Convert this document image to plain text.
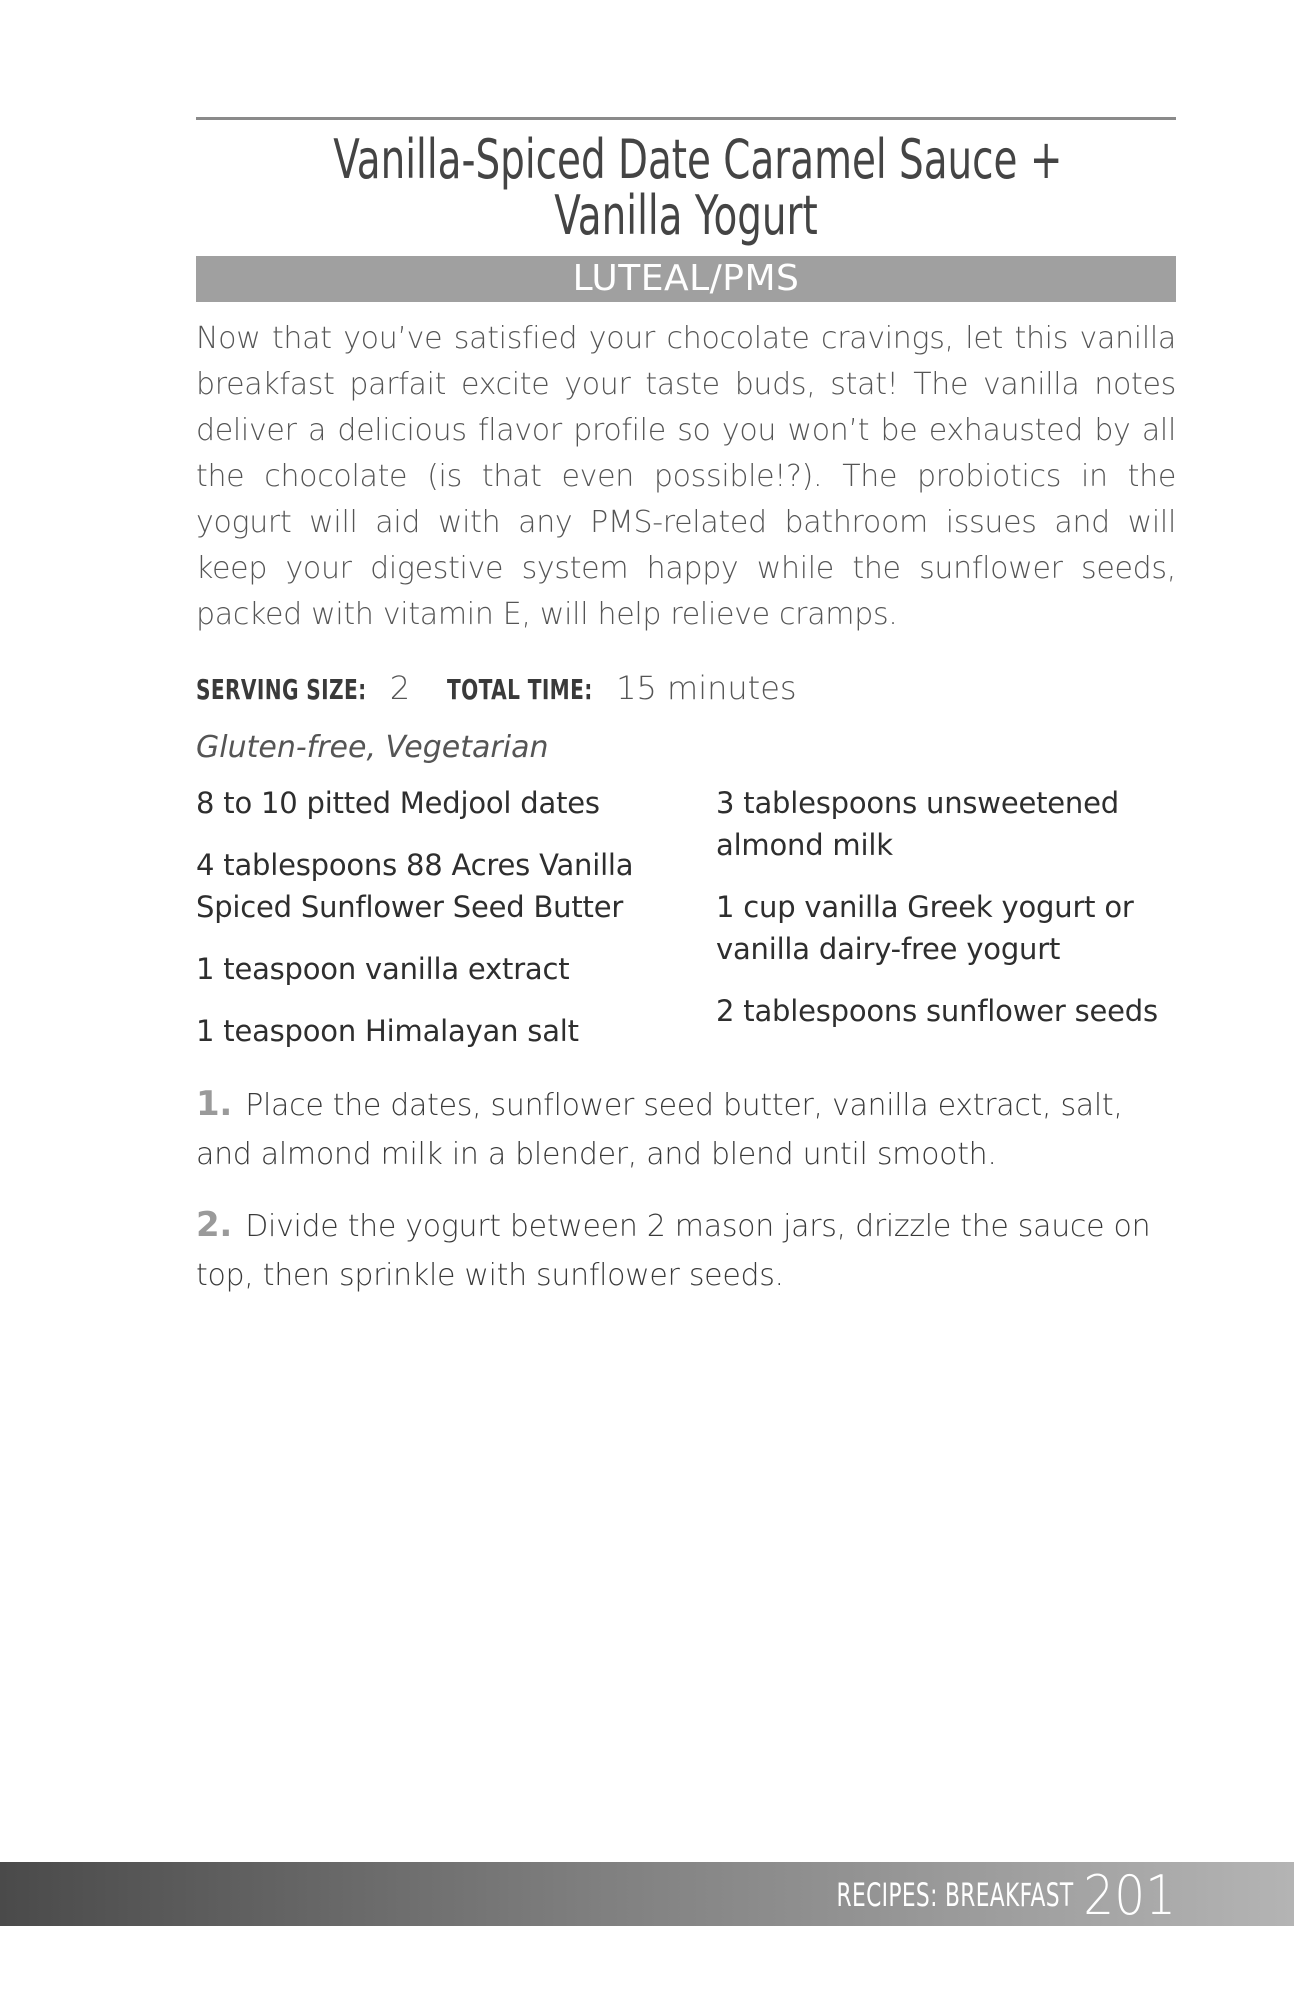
Vanilla-Spiced Date Caramel Sauce +
Vanilla Yogurt
LUTEAL/PMS

Now that you’ve satisfied your chocolate cravings, let this vanilla breakfast parfait excite your taste buds, stat! The vanilla notes deliver a delicious flavor profile so you won’t be exhausted by all the chocolate (is that even possible!?). The probiotics in the yogurt will aid with any PMS-related bathroom issues and will keep your digestive system happy while the sunflower seeds, packed with vitamin E, will help relieve cramps.

SERVING SIZE: 2 TOTAL TIME: 15 minutes
Gluten-free, Vegetarian
8 to 10 pitted Medjool dates
4 tablespoons 88 Acres Vanilla Spiced Sunflower Seed Butter
1 teaspoon vanilla extract
1 teaspoon Himalayan salt
3 tablespoons unsweetened almond milk
1 cup vanilla Greek yogurt or vanilla dairy-free yogurt
2 tablespoons sunflower seeds
1. Place the dates, sunflower seed butter, vanilla extract, salt, and almond milk in a blender, and blend until smooth.
2. Divide the yogurt between 2 mason jars, drizzle the sauce on top, then sprinkle with sunflower seeds.
RECIPES: BREAKFAST 201
